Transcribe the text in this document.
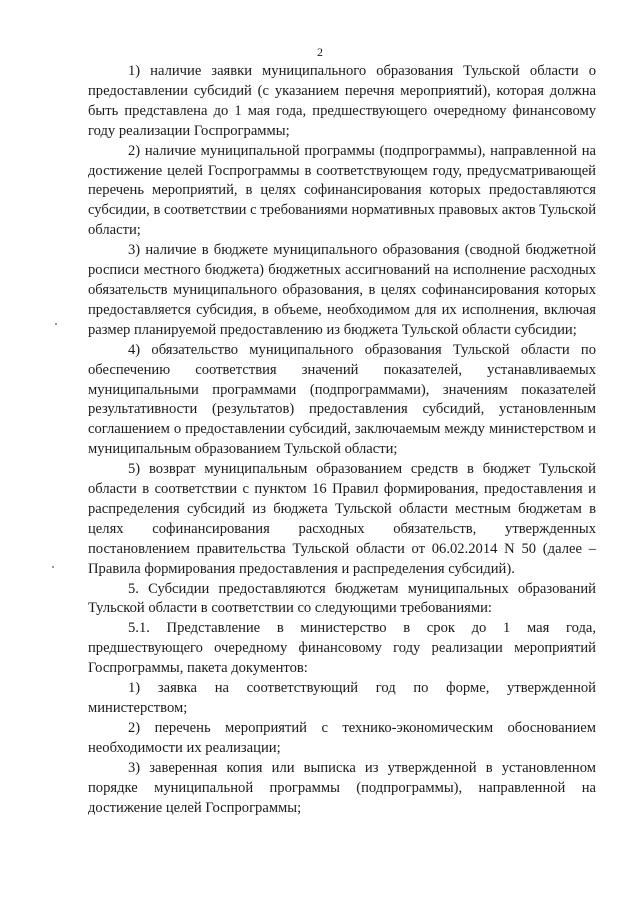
2

1) наличие заявки муниципального образования Тульской области о предоставлении субсидий (с указанием перечня мероприятий), которая должна быть представлена до 1 мая года, предшествующего очередному финансовому году реализации Госпрограммы;

2) наличие муниципальной программы (подпрограммы), направленной на достижение целей Госпрограммы в соответствующем году, предусматривающей перечень мероприятий, в целях софинансирования которых предоставляются субсидии, в соответствии с требованиями нормативных правовых актов Тульской области;

3) наличие в бюджете муниципального образования (сводной бюджетной росписи местного бюджета) бюджетных ассигнований на исполнение расходных обязательств муниципального образования, в целях софинансирования которых предоставляется субсидия, в объеме, необходимом для их исполнения, включая размер планируемой предоставлению из бюджета Тульской области субсидии;

4) обязательство муниципального образования Тульской области по обеспечению соответствия значений показателей, устанавливаемых муниципальными программами (подпрограммами), значениям показателей результативности (результатов) предоставления субсидий, установленным соглашением о предоставлении субсидий, заключаемым между министерством и муниципальным образованием Тульской области;

5) возврат муниципальным образованием средств в бюджет Тульской области в соответствии с пунктом 16 Правил формирования, предоставления и распределения субсидий из бюджета Тульской области местным бюджетам в целях софинансирования расходных обязательств, утвержденных постановлением правительства Тульской области от 06.02.2014 N 50 (далее – Правила формирования предоставления и распределения субсидий).

5. Субсидии предоставляются бюджетам муниципальных образований Тульской области в соответствии со следующими требованиями:

5.1. Представление в министерство в срок до 1 мая года, предшествующего очередному финансовому году реализации мероприятий Госпрограммы, пакета документов:

1) заявка на соответствующий год по форме, утвержденной министерством;

2) перечень мероприятий с технико-экономическим обоснованием необходимости их реализации;

3) заверенная копия или выписка из утвержденной в установленном порядке муниципальной программы (подпрограммы), направленной на достижение целей Госпрограммы;
